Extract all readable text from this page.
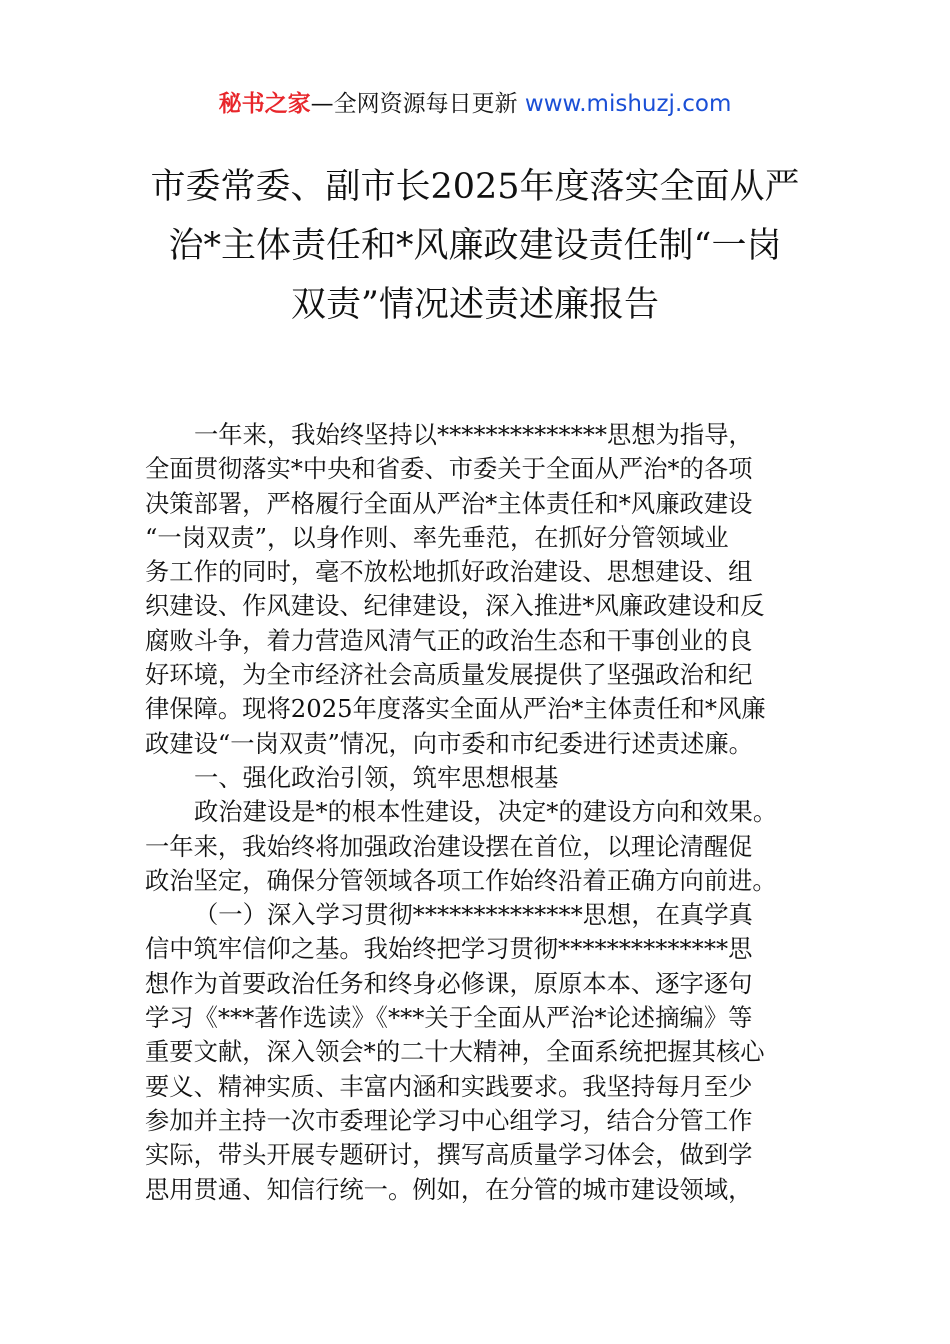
秘书之家—全网资源每日更新 www.mishuzj.com
市委常委、副市长2025年度落实全面从严
治*主体责任和*风廉政建设责任制“一岗
双责”情况述责述廉报告
一年来，我始终坚持以**************思想为指导，
全面贯彻落实*中央和省委、市委关于全面从严治*的各项
决策部署，严格履行全面从严治*主体责任和*风廉政建设
“一岗双责”，以身作则、率先垂范，在抓好分管领域业
务工作的同时，毫不放松地抓好政治建设、思想建设、组
织建设、作风建设、纪律建设，深入推进*风廉政建设和反
腐败斗争，着力营造风清气正的政治生态和干事创业的良
好环境，为全市经济社会高质量发展提供了坚强政治和纪
律保障。现将2025年度落实全面从严治*主体责任和*风廉
政建设“一岗双责”情况，向市委和市纪委进行述责述廉。
一、强化政治引领，筑牢思想根基
政治建设是*的根本性建设，决定*的建设方向和效果。
一年来，我始终将加强政治建设摆在首位，以理论清醒促
政治坚定，确保分管领域各项工作始终沿着正确方向前进。
（一）深入学习贯彻**************思想，在真学真
信中筑牢信仰之基。我始终把学习贯彻**************思
想作为首要政治任务和终身必修课，原原本本、逐字逐句
学习《***著作选读》《***关于全面从严治*论述摘编》等
重要文献，深入领会*的二十大精神，全面系统把握其核心
要义、精神实质、丰富内涵和实践要求。我坚持每月至少
参加并主持一次市委理论学习中心组学习，结合分管工作
实际，带头开展专题研讨，撰写高质量学习体会，做到学
思用贯通、知信行统一。例如，在分管的城市建设领域，
